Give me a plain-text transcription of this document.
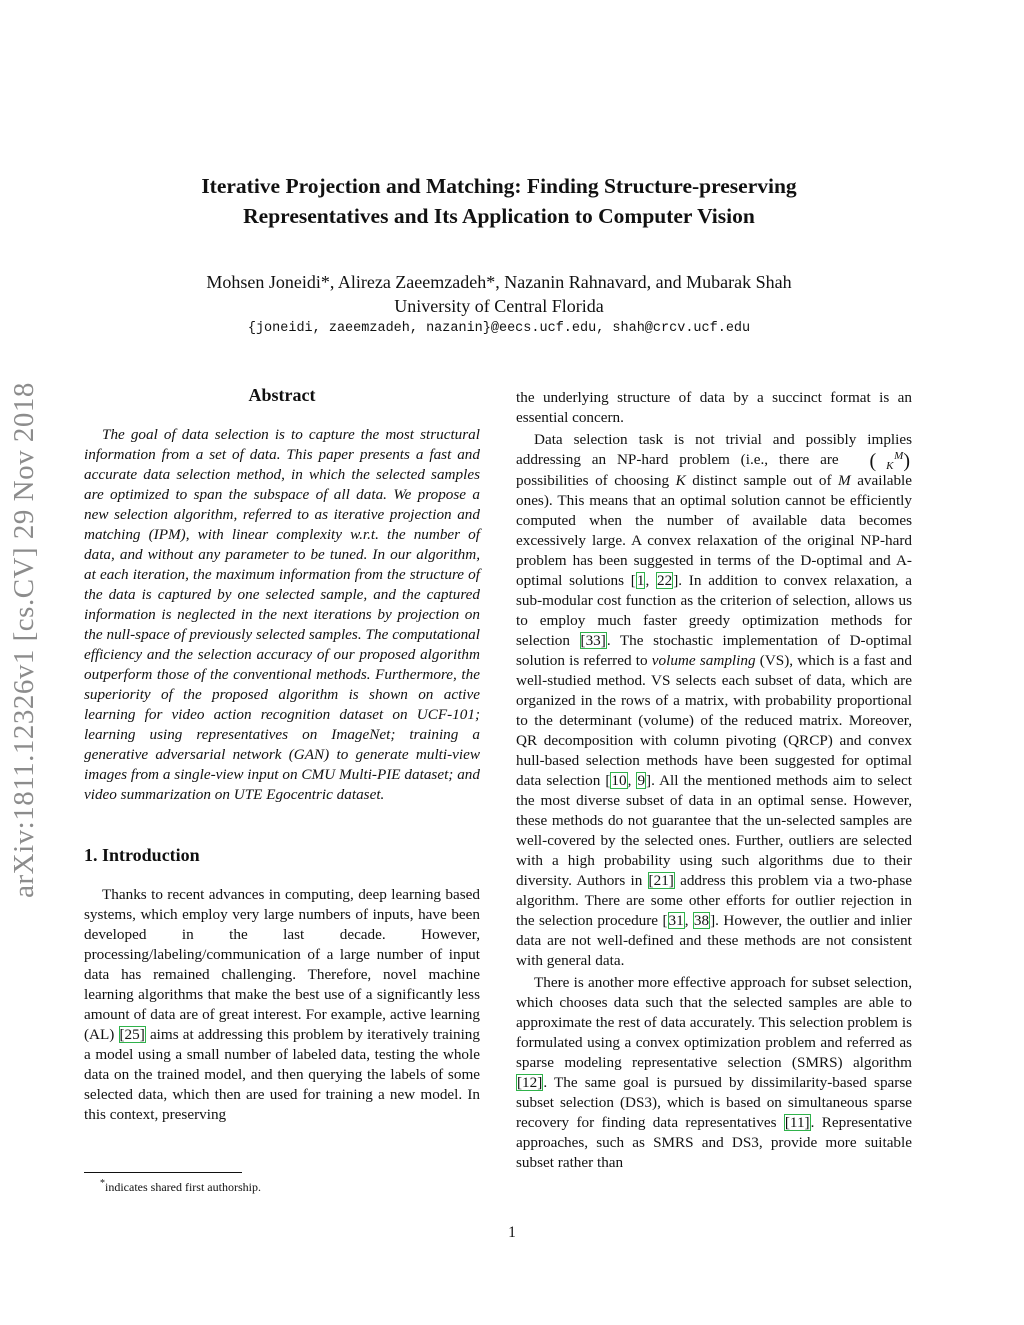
arXiv:1811.12326v1 [cs.CV] 29 Nov 2018
Iterative Projection and Matching: Finding Structure-preserving
Representatives and Its Application to Computer Vision
Mohsen Joneidi*, Alireza Zaeemzadeh*, Nazanin Rahnavard, and Mubarak Shah
University of Central Florida
{joneidi, zaeemzadeh, nazanin}@eecs.ucf.edu, shah@crcv.ucf.edu
Abstract

The goal of data selection is to capture the most structural information from a set of data. This paper presents a fast and accurate data selection method, in which the selected samples are optimized to span the subspace of all data. We propose a new selection algorithm, referred to as iterative projection and matching (IPM), with linear complexity w.r.t. the number of data, and without any parameter to be tuned. In our algorithm, at each iteration, the maximum information from the structure of the data is captured by one selected sample, and the captured information is neglected in the next iterations by projection on the null-space of previously selected samples. The computational efficiency and the selection accuracy of our proposed algorithm outperform those of the conventional methods. Furthermore, the superiority of the proposed algorithm is shown on active learning for video action recognition dataset on UCF-101; learning using representatives on ImageNet; training a generative adversarial network (GAN) to generate multi-view images from a single-view input on CMU Multi-PIE dataset; and video summarization on UTE Egocentric dataset.

1. Introduction

Thanks to recent advances in computing, deep learning based systems, which employ very large numbers of inputs, have been developed in the last decade. However, processing/labeling/communication of a large number of input data has remained challenging. Therefore, novel machine learning algorithms that make the best use of a significantly less amount of data are of great interest. For example, active learning (AL) [25] aims at addressing this problem by iteratively training a model using a small number of labeled data, testing the whole data on the trained model, and then querying the labels of some selected data, which then are used for training a new model. In this context, preserving

the underlying structure of data by a succinct format is an essential concern.

Data selection task is not trivial and possibly implies addressing an NP-hard problem (i.e., there are ( M
K ) possibilities of choosing K distinct sample out of M available ones). This means that an optimal solution cannot be efficiently computed when the number of available data becomes excessively large. A convex relaxation of the original NP-hard problem has been suggested in terms of the D-optimal and A-optimal solutions [1, 22]. In addition to convex relaxation, a sub-modular cost function as the criterion of selection, allows us to employ much faster greedy optimization methods for selection [33]. The stochastic implementation of D-optimal solution is referred to volume sampling (VS), which is a fast and well-studied method. VS selects each subset of data, which are organized in the rows of a matrix, with probability proportional to the determinant (volume) of the reduced matrix. Moreover, QR decomposition with column pivoting (QRCP) and convex hull-based selection methods have been suggested for optimal data selection [10, 9]. All the mentioned methods aim to select the most diverse subset of data in an optimal sense. However, these methods do not guarantee that the un-selected samples are well-covered by the selected ones. Further, outliers are selected with a high probability using such algorithms due to their diversity. Authors in [21] address this problem via a two-phase algorithm. There are some other efforts for outlier rejection in the selection procedure [31, 38]. However, the outlier and inlier data are not well-defined and these methods are not consistent with general data.

There is another more effective approach for subset selection, which chooses data such that the selected samples are able to approximate the rest of data accurately. This selection problem is formulated using a convex optimization problem and referred as sparse modeling representative selection (SMRS) algorithm [12]. The same goal is pursued by dissimilarity-based sparse subset selection (DS3), which is based on simultaneous sparse recovery for finding data representatives [11]. Representative approaches, such as SMRS and DS3, provide more suitable subset rather than

*indicates shared first authorship.
1
